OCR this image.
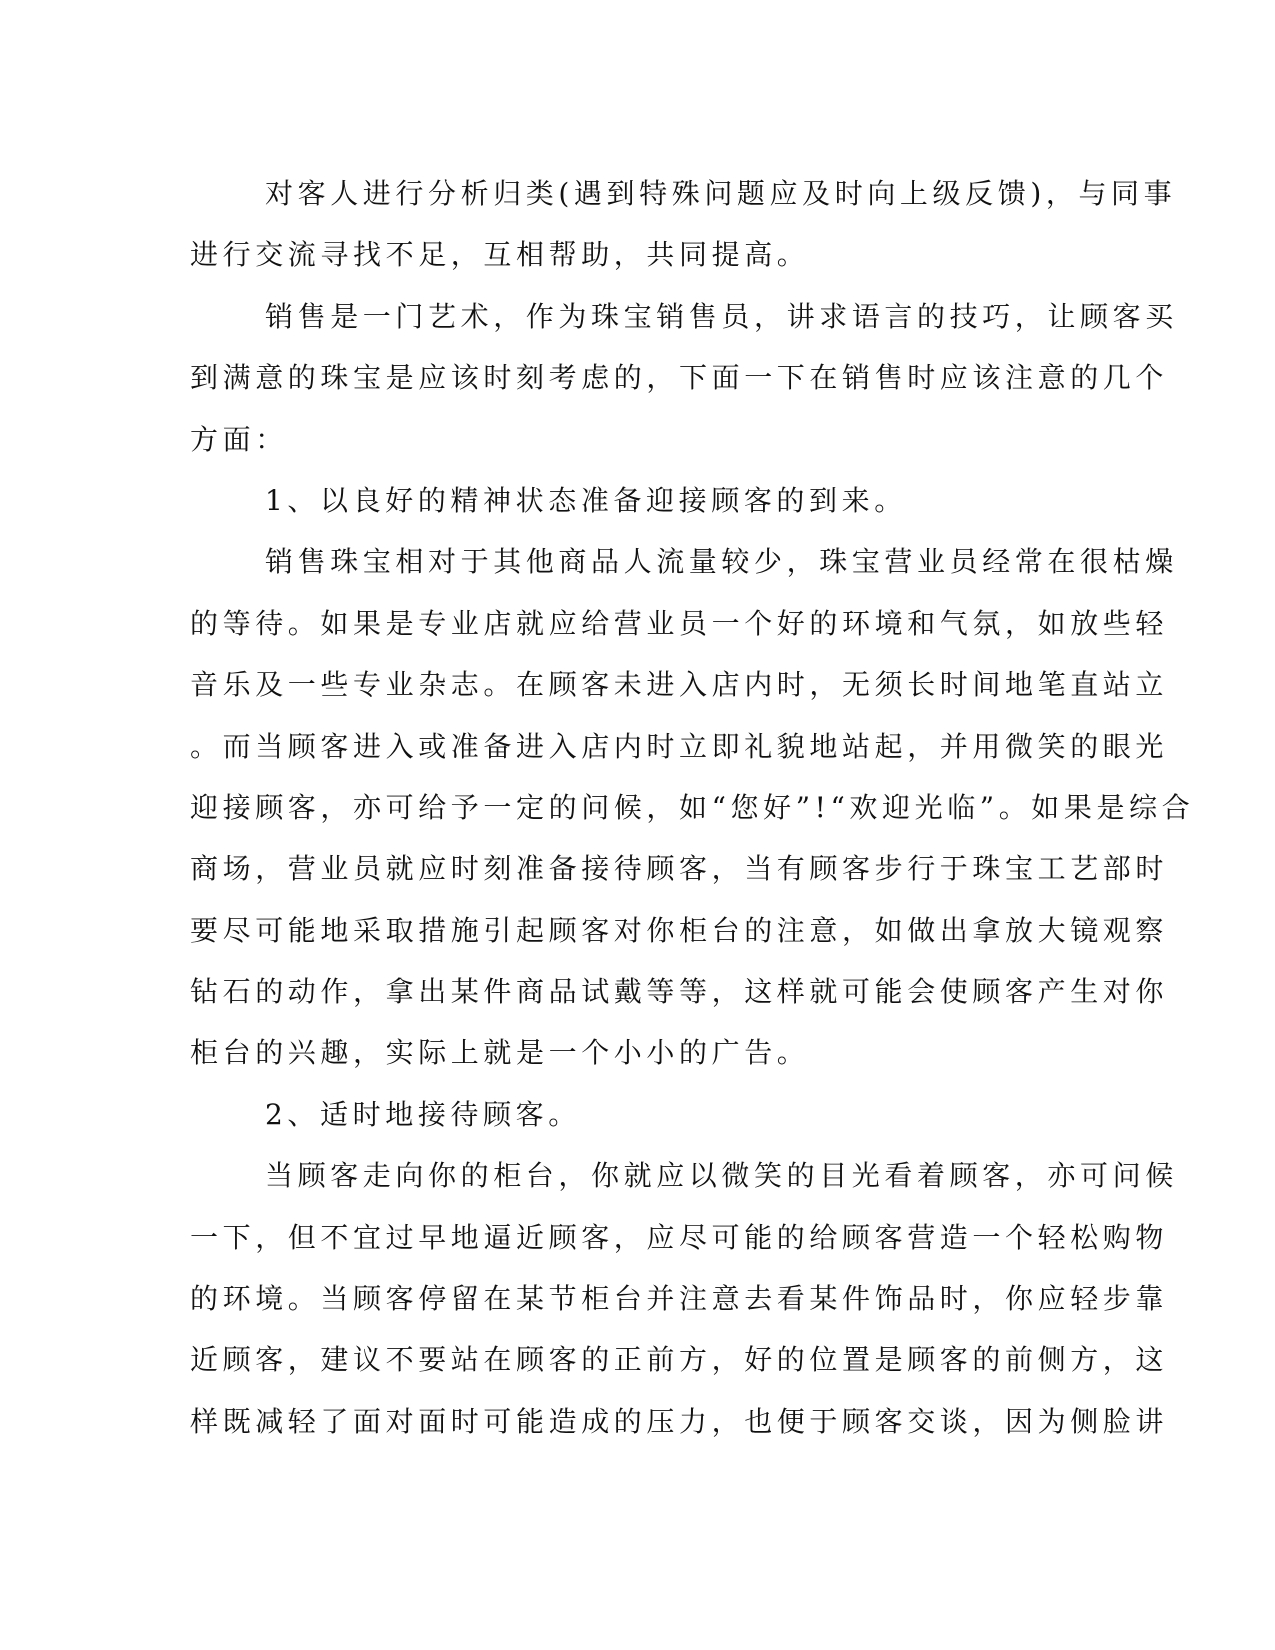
对客人进行分析归类(遇到特殊问题应及时向上级反馈)，与同事
进行交流寻找不足，互相帮助，共同提高。
销售是一门艺术，作为珠宝销售员，讲求语言的技巧，让顾客买
到满意的珠宝是应该时刻考虑的，下面一下在销售时应该注意的几个
方面：
1、以良好的精神状态准备迎接顾客的到来。
销售珠宝相对于其他商品人流量较少，珠宝营业员经常在很枯燥
的等待。如果是专业店就应给营业员一个好的环境和气氛，如放些轻
音乐及一些专业杂志。在顾客未进入店内时，无须长时间地笔直站立
。而当顾客进入或准备进入店内时立即礼貌地站起，并用微笑的眼光
迎接顾客，亦可给予一定的问候，如“您好”!“欢迎光临”。如果是综合
商场，营业员就应时刻准备接待顾客，当有顾客步行于珠宝工艺部时
要尽可能地采取措施引起顾客对你柜台的注意，如做出拿放大镜观察
钻石的动作，拿出某件商品试戴等等，这样就可能会使顾客产生对你
柜台的兴趣，实际上就是一个小小的广告。
2、适时地接待顾客。
当顾客走向你的柜台，你就应以微笑的目光看着顾客，亦可问候
一下，但不宜过早地逼近顾客，应尽可能的给顾客营造一个轻松购物
的环境。当顾客停留在某节柜台并注意去看某件饰品时，你应轻步靠
近顾客，建议不要站在顾客的正前方，好的位置是顾客的前侧方，这
样既减轻了面对面时可能造成的压力，也便于顾客交谈，因为侧脸讲
